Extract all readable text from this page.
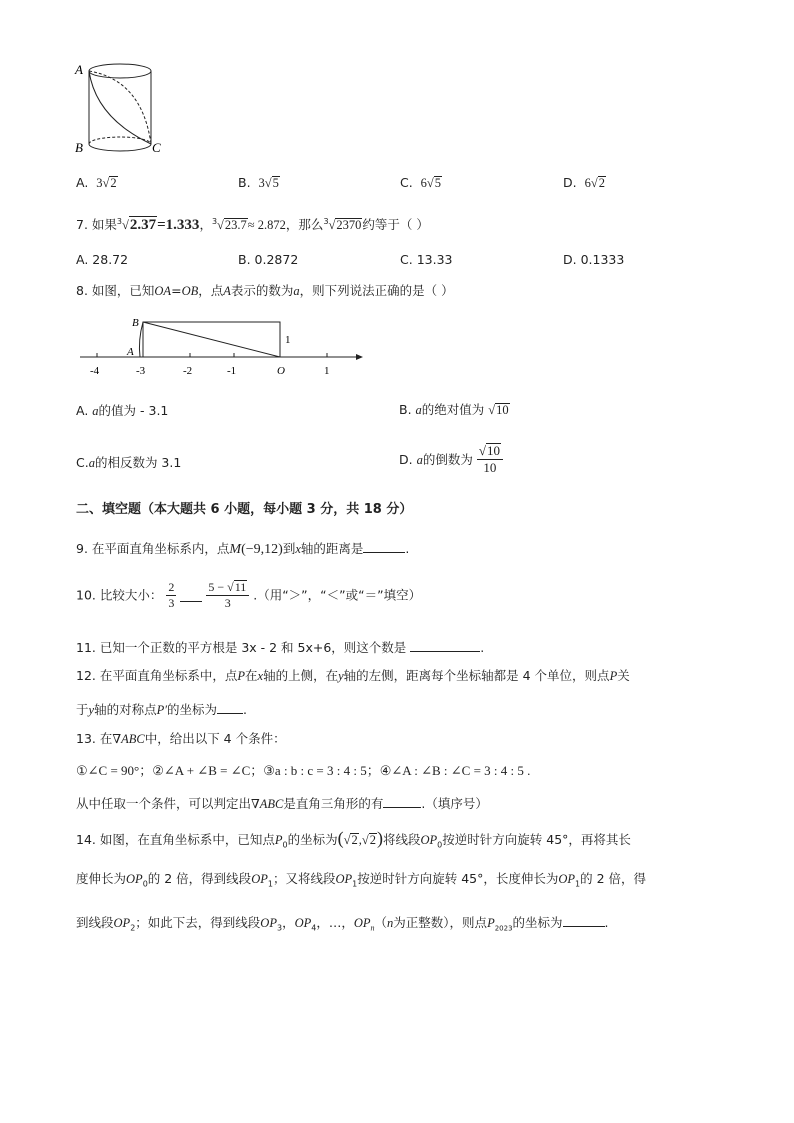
A
B	C
A. 3√2	B. 3√5	C. 6√5	D. 6√2
7. 如果$^3$√2.37=1.333，$^3$√23.7≈ 2.872，那么$^3$√2370约等于（ ）
A. 28.72	B. 0.2872	C. 13.33	D. 0.1333
8. 如图，已知OA=OB，点A表示的数为a，则下列说法正确的是（ ）
-4	-3	-2	-1	O	1
A
B
1
A. a的值为 - 3.1	B. a的绝对值为 √10
C.a的相反数为 3.1	D. a的倒数为 $\frac{√10}{10}$
二、填空题（本大题共 6 小题，每小题 3 分，共 18 分）
9. 在平面直角坐标系内，点M(−9,12)到x轴的距离是	.
10. 比较大小： $\frac{2}{3}$
$\frac{5 - √11}{3}$ .（用“＞”，“＜”或“＝”填空）
11. 已知一个正数的平方根是 3x - 2 和 5x+6，则这个数是	.
12. 在平面直角坐标系中，点P在x轴的上侧，在y轴的左侧，距离每个坐标轴都是 4 个单位，则点P关
于y轴的对称点P′的坐标为 .
13. 在∇ABC中，给出以下 4 个条件：
①∠C = 90°；②∠A + ∠B = ∠C；③a : b : c = 3 : 4 : 5；④∠A : ∠B : ∠C = 3 : 4 : 5 .
从中任取一个条件，可以判定出∇ABC是直角三角形的有	.（填序号）
14. 如图，在直角坐标系中，已知点$P_0$的坐标为(√2,√2)将线段$OP_0$按逆时针方向旋转 45°，再将其长
度伸长为$OP_0$的 2 倍，得到线段$OP_1$；又将线段$OP_1$按逆时针方向旋转 45°，长度伸长为$OP_1$的 2 倍，得
到线段$OP_2$；如此下去，得到线段$OP_3$，$OP_4$，…，$OP_n(n$为正整数），则点$P_{2023}$的坐标为	.
